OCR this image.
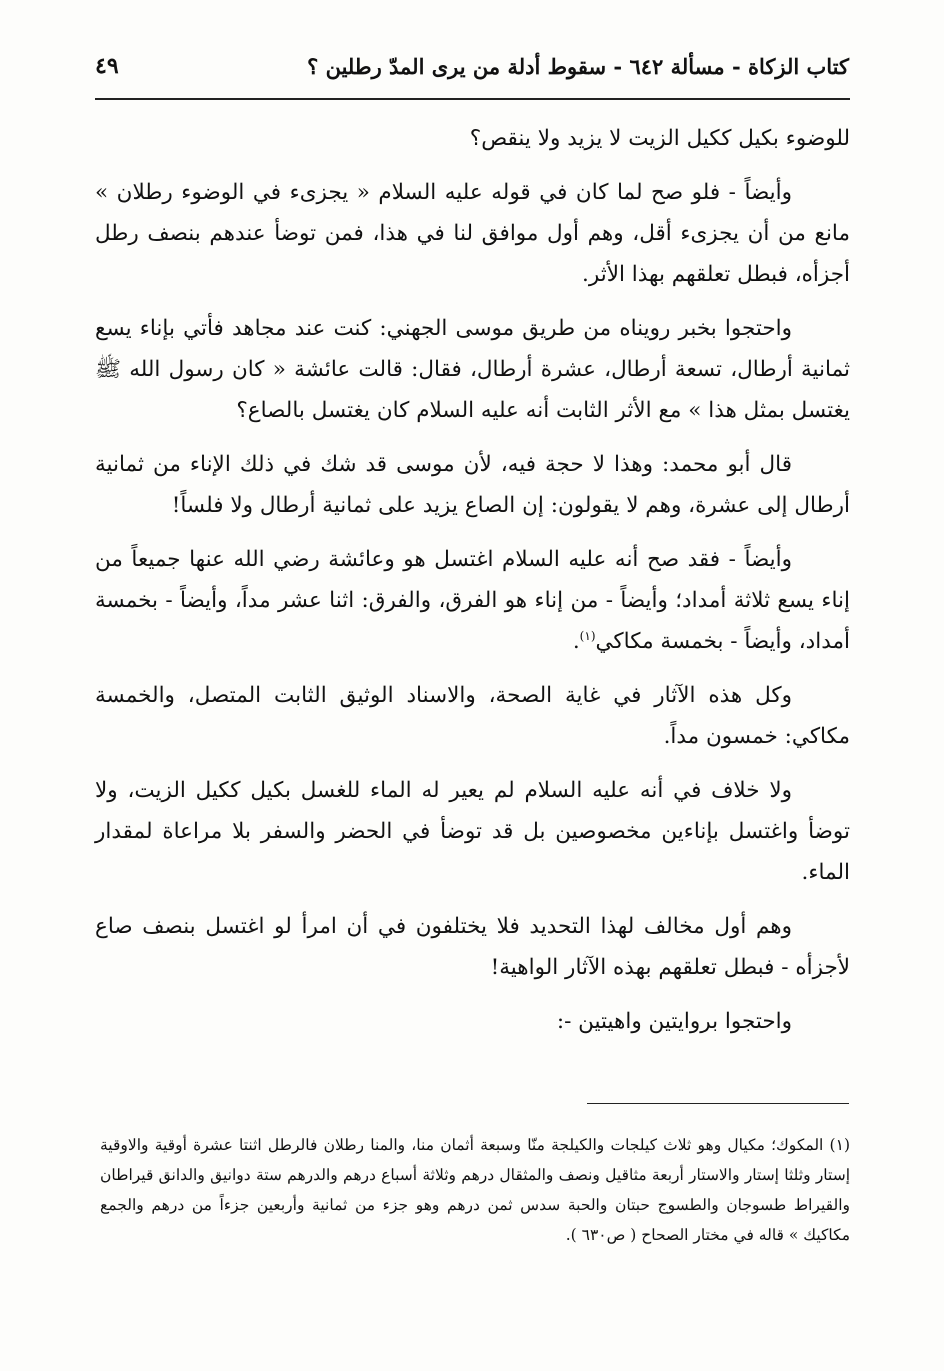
كتاب الزكاة - مسألة ٦٤٢ - سقوط أدلة من يرى المدّ رطلين ؟
٤٩

للوضوء بكيل ككيل الزيت لا يزيد ولا ينقص؟

وأيضاً - فلو صح لما كان في قوله عليه السلام « يجزىء في الوضوء رطلان » مانع من أن يجزىء أقل، وهم أول موافق لنا في هذا، فمن توضأ عندهم بنصف رطل أجزأه، فبطل تعلقهم بهذا الأثر.

واحتجوا بخبر رويناه من طريق موسى الجهني: كنت عند مجاهد فأتي بإناء يسع ثمانية أرطال، تسعة أرطال، عشرة أرطال، فقال: قالت عائشة « كان رسول الله ﷺ يغتسل بمثل هذا » مع الأثر الثابت أنه عليه السلام كان يغتسل بالصاع؟

قال أبو محمد: وهذا لا حجة فيه، لأن موسى قد شك في ذلك الإناء من ثمانية أرطال إلى عشرة، وهم لا يقولون: إن الصاع يزيد على ثمانية أرطال ولا فلساً!

وأيضاً - فقد صح أنه عليه السلام اغتسل هو وعائشة رضي الله عنها جميعاً من إناء يسع ثلاثة أمداد؛ وأيضاً - من إناء هو الفرق، والفرق: اثنا عشر مداً، وأيضاً - بخمسة أمداد، وأيضاً - بخمسة مكاكي$^{(١)}$.

وكل هذه الآثار في غاية الصحة، والاسناد الوثيق الثابت المتصل، والخمسة مكاكي: خمسون مداً.

ولا خلاف في أنه عليه السلام لم يعير له الماء للغسل بكيل ككيل الزيت، ولا توضأ واغتسل بإناءين مخصوصين بل قد توضأ في الحضر والسفر بلا مراعاة لمقدار الماء.

وهم أول مخالف لهذا التحديد فلا يختلفون في أن امرأ لو اغتسل بنصف صاع لأجزأه - فبطل تعلقهم بهذه الآثار الواهية!

واحتجوا بروايتين واهيتين -:

(١) المكوك؛ مكيال وهو ثلاث كيلجات والكيلجة منّا وسبعة أثمان منا، والمنا رطلان فالرطل اثنتا عشرة أوقية والاوقية إستار وثلثا إستار والاستار أربعة مثاقيل ونصف والمثقال درهم وثلاثة أسباع درهم والدرهم ستة دوانيق والدانق قيراطان والقيراط طسوجان والطسوج حبتان والحبة سدس ثمن درهم وهو جزء من ثمانية وأربعين جزءاً من درهم والجمع مكاكيك » قاله في مختار الصحاح ( ص٦٣٠ ).
